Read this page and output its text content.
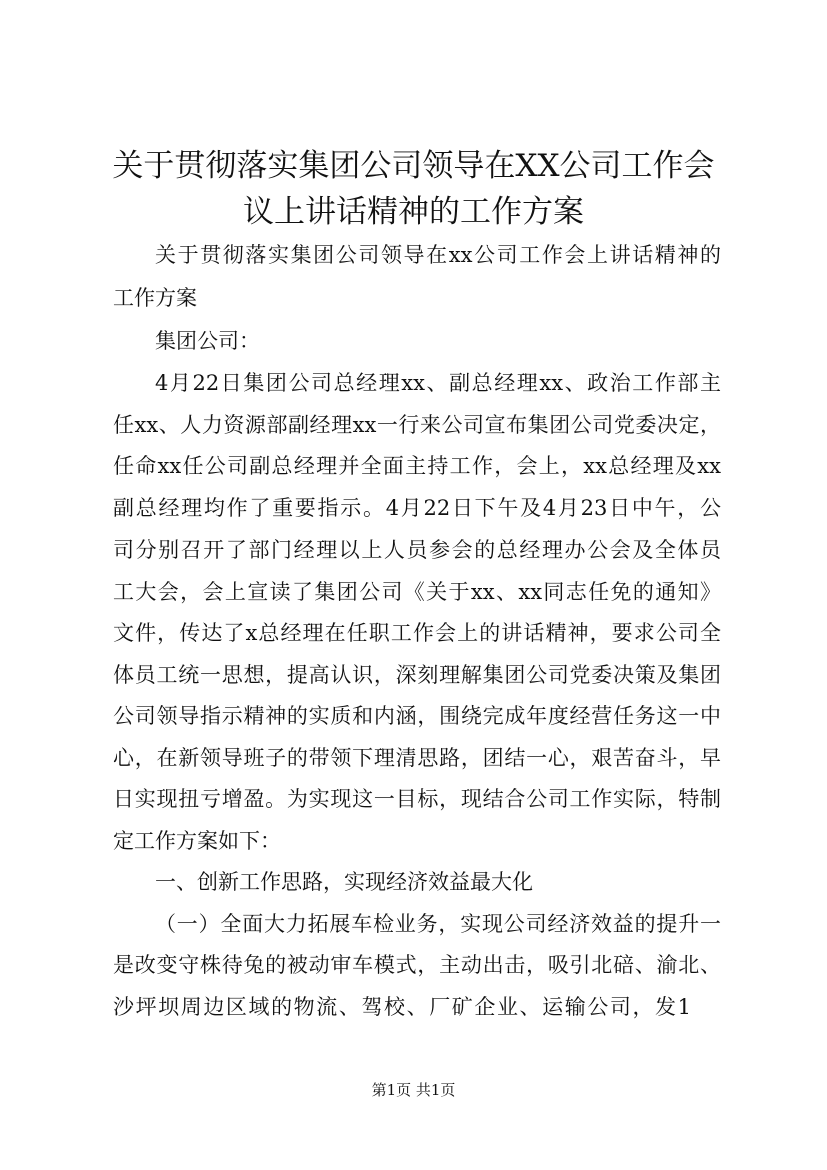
关于贯彻落实集团公司领导在XX公司工作会
议上讲话精神的工作方案
关于贯彻落实集团公司领导在xx公司工作会上讲话精神的
工作方案
集团公司：
4月22日集团公司总经理xx、副总经理xx、政治工作部主
任xx、人力资源部副经理xx一行来公司宣布集团公司党委决定，
任命xx任公司副总经理并全面主持工作，会上，xx总经理及xx
副总经理均作了重要指示。4月22日下午及4月23日中午，公
司分别召开了部门经理以上人员参会的总经理办公会及全体员
工大会，会上宣读了集团公司《关于xx、xx同志任免的通知》
文件，传达了x总经理在任职工作会上的讲话精神，要求公司全
体员工统一思想，提高认识，深刻理解集团公司党委决策及集团
公司领导指示精神的实质和内涵，围绕完成年度经营任务这一中
心，在新领导班子的带领下理清思路，团结一心，艰苦奋斗，早
日实现扭亏增盈。为实现这一目标，现结合公司工作实际，特制
定工作方案如下：
一、创新工作思路，实现经济效益最大化
（一）全面大力拓展车检业务，实现公司经济效益的提升一
是改变守株待兔的被动审车模式，主动出击，吸引北碚、渝北、
沙坪坝周边区域的物流、驾校、厂矿企业、运输公司，发1
第1页 共1页
